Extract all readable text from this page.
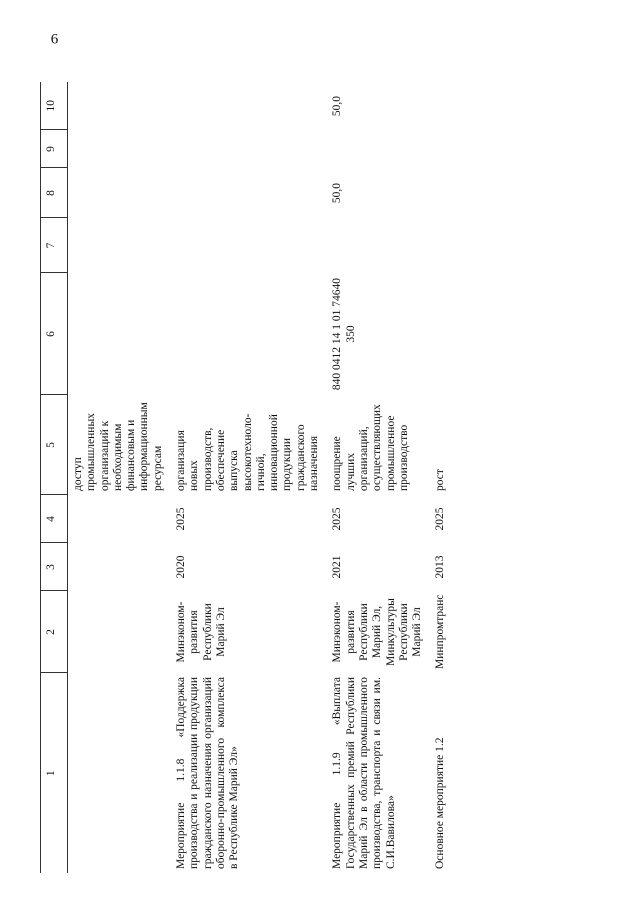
6
1	2	3	4	5	6	7	8	9	10
				доступ промышленных организаций к необходимым финансовым и информационным ресурсам					
Мероприятие 1.1.8 «Поддержка производства и реализации продукции гражданского назначения организаций оборонно-промышленного комплекса в Республике Марий Эл»	Минэконом-развития Республики Марий Эл	2020	2025	организация новых производств, обеспечение выпуска высокотехноло-гичной, инновационной продукции гражданского назначения					
Мероприятие 1.1.9 «Выплата Государственных премий Республики Марий Эл в области промышленного производства, транспорта и связи им. С.И.Вавилова»	Минэконом-развития Республики Марий Эл, Минкультуры Республики Марий Эл	2021	2025	поощрение лучших организаций, осуществляющих промышленное производство	840 0412 14 1 01 74640 350		50,0		50,0
Основное мероприятие 1.2	Минпромтранс	2013	2025	рост					
